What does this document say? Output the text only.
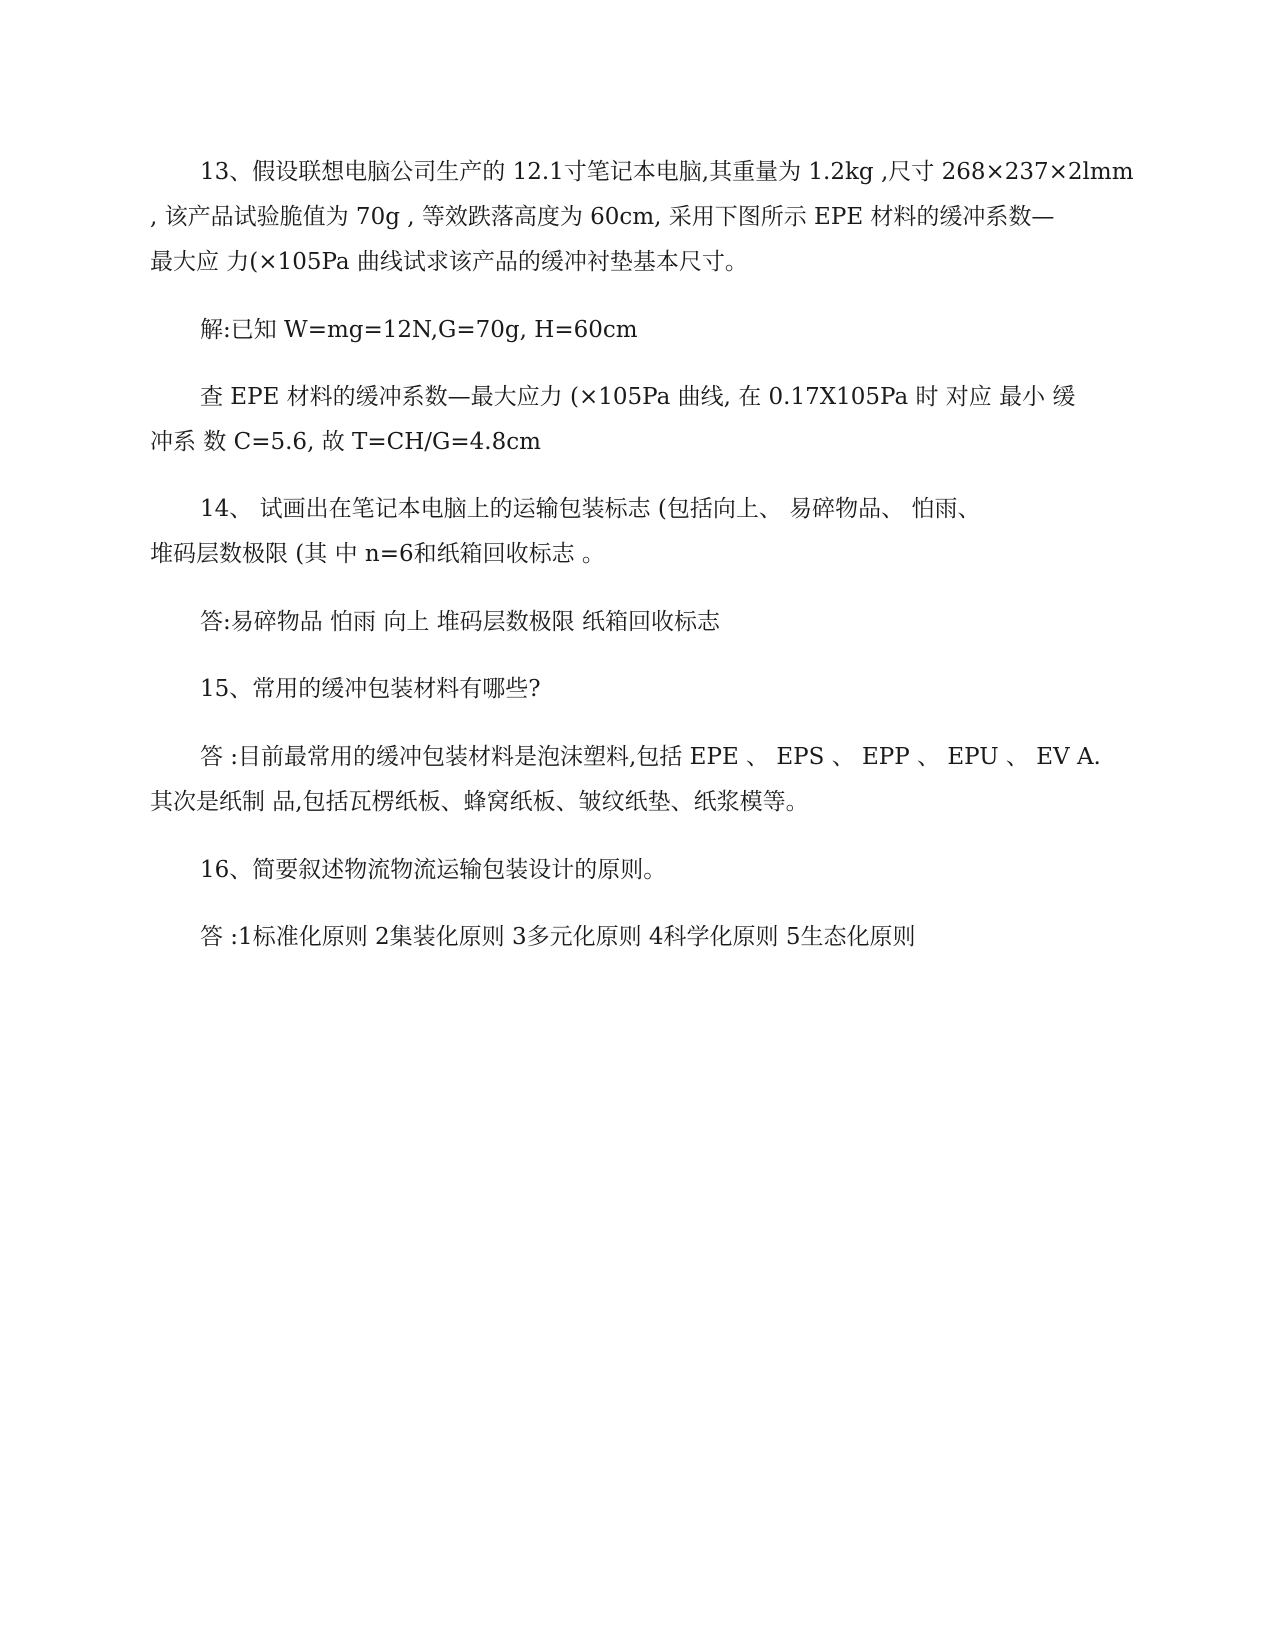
13、假设联想电脑公司生产的 12.1寸笔记本电脑,其重量为 1.2kg ,尺寸 268×237×2lmm
, 该产品试验脆值为 70g , 等效跌落高度为 60cm, 采用下图所示 EPE 材料的缓冲系数—
最大应 力(×105Pa 曲线试求该产品的缓冲衬垫基本尺寸。

解:已知 W=mg=12N,G=70g, H=60cm

查 EPE 材料的缓冲系数—最大应力 (×105Pa 曲线, 在 0.17X105Pa 时 对应 最小 缓
冲系 数 C=5.6, 故 T=CH/G=4.8cm

14、 试画出在笔记本电脑上的运输包装标志 (包括向上、 易碎物品、 怕雨、
堆码层数极限 (其 中 n=6和纸箱回收标志 。

答:易碎物品 怕雨 向上 堆码层数极限 纸箱回收标志

15、常用的缓冲包装材料有哪些?

答 :目前最常用的缓冲包装材料是泡沫塑料,包括 EPE 、 EPS 、 EPP 、 EPU 、 EV A.
其次是纸制 品,包括瓦楞纸板、蜂窝纸板、皱纹纸垫、纸浆模等。

16、简要叙述物流物流运输包装设计的原则。

答 :1标准化原则 2集装化原则 3多元化原则 4科学化原则 5生态化原则
